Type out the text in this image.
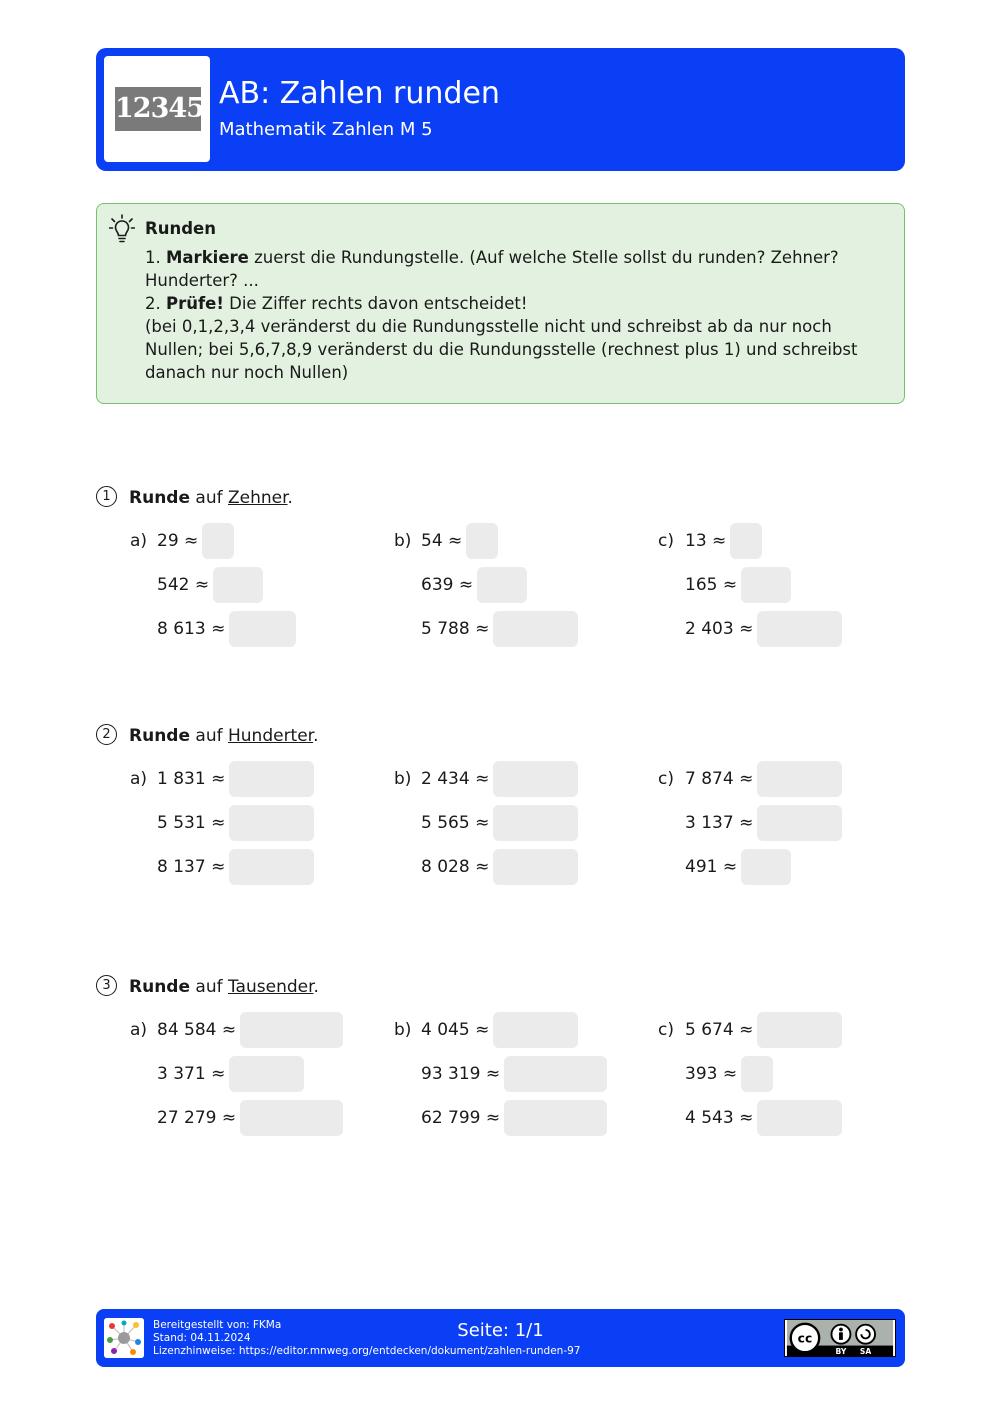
12345 AB: Zahlen runden
Mathematik Zahlen M 5
Runden

1. Markiere zuerst die Rundungstelle. (Auf welche Stelle sollst du runden? Zehner? Hunderter? ...

2. Prüfe! Die Ziffer rechts davon entscheidet!

(bei 0,1,2,3,4 veränderst du die Rundungsstelle nicht und schreibst ab da nur noch Nullen; bei 5,6,7,8,9 veränderst du die Rundungsstelle (rechnest plus 1) und schreibst danach nur noch Nullen)

1 Runde auf Zehner.
a) 29 ≈
542 ≈
8 613 ≈
b) 54 ≈
639 ≈
5 788 ≈
c) 13 ≈
165 ≈
2 403 ≈
2 Runde auf Hunderter.
a) 1 831 ≈
5 531 ≈
8 137 ≈
b) 2 434 ≈
5 565 ≈
8 028 ≈
c) 7 874 ≈
3 137 ≈
491 ≈
3 Runde auf Tausender.
a) 84 584 ≈
3 371 ≈
27 279 ≈
b) 4 045 ≈
93 319 ≈
62 799 ≈
c) 5 674 ≈
393 ≈
4 543 ≈
Bereitgestellt von: FKMa
Stand: 04.11.2024
Lizenzhinweise: https://editor.mnweg.org/entdecken/dokument/zahlen-runden-97
Seite: 1/1	cc
BY SA
